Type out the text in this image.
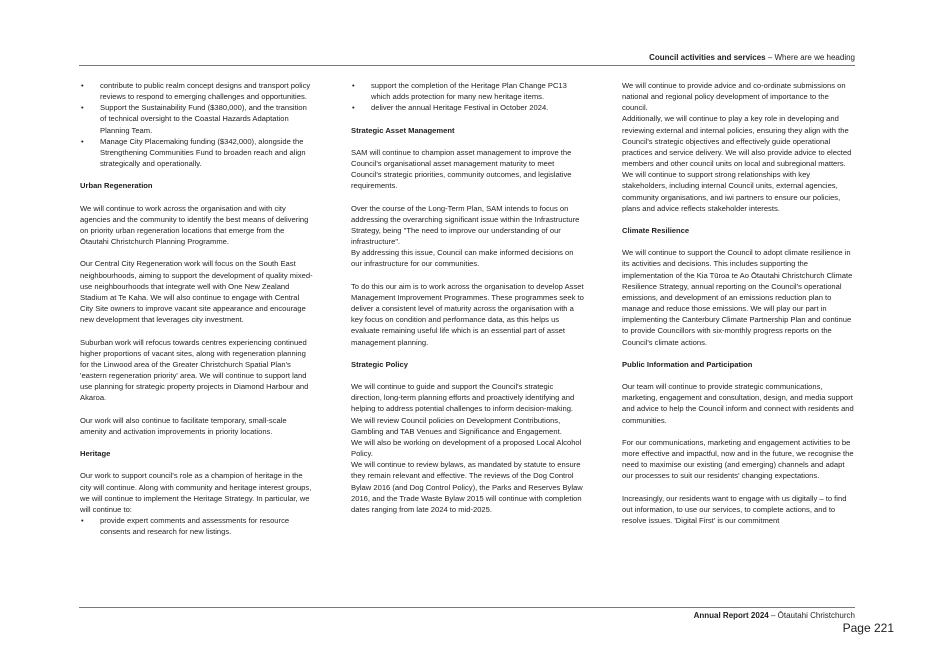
Council activities and services – Where are we heading
• contribute to public realm concept designs and transport policy reviews to respond to emerging challenges and opportunities.
• Support the Sustainability Fund ($380,000), and the transition of technical oversight to the Coastal Hazards Adaptation Planning Team.
• Manage City Placemaking funding ($342,000), alongside the Strengthening Communities Fund to broaden reach and align strategically and operationally.

Urban Regeneration

We will continue to work across the organisation and with city agencies and the community to identify the best means of delivering on priority urban regeneration locations that emerge from the Ōtautahi Christchurch Planning Programme.

Our Central City Regeneration work will focus on the South East neighbourhoods, aiming to support the development of quality mixed-use neighbourhoods that integrate well with One New Zealand Stadium at Te Kaha. We will also continue to engage with Central City Site owners to improve vacant site appearance and encourage new development that leverages city investment.

Suburban work will refocus towards centres experiencing continued higher proportions of vacant sites, along with regeneration planning for the Linwood area of the Greater Christchurch Spatial Plan's 'eastern regeneration priority' area. We will continue to support land use planning for strategic property projects in Diamond Harbour and Akaroa.

Our work will also continue to facilitate temporary, small-scale amenity and activation improvements in priority locations.

Heritage

Our work to support council's role as a champion of heritage in the city will continue. Along with community and heritage interest groups, we will continue to implement the Heritage Strategy. In particular, we will continue to:

• provide expert comments and assessments for resource consents and research for new listings.
• support the completion of the Heritage Plan Change PC13 which adds protection for many new heritage items.
• deliver the annual Heritage Festival in October 2024.

Strategic Asset Management

SAM will continue to champion asset management to improve the Council's organisational asset management maturity to meet Council's strategic priorities, community outcomes, and legislative requirements.

Over the course of the Long-Term Plan, SAM intends to focus on addressing the overarching significant issue within the Infrastructure Strategy, being "The need to improve our understanding of our infrastructure".

By addressing this issue, Council can make informed decisions on our infrastructure for our communities.

To do this our aim is to work across the organisation to develop Asset Management Improvement Programmes. These programmes seek to deliver a consistent level of maturity across the organisation with a key focus on condition and performance data, as this helps us evaluate remaining useful life which is an essential part of asset management planning.

Strategic Policy

We will continue to guide and support the Council's strategic direction, long-term planning efforts and proactively identifying and helping to address potential challenges to inform decision-making.

We will review Council policies on Development Contributions, Gambling and TAB Venues and Significance and Engagement.

We will also be working on development of a proposed Local Alcohol Policy.

We will continue to review bylaws, as mandated by statute to ensure they remain relevant and effective. The reviews of the Dog Control Bylaw 2016 (and Dog Control Policy), the Parks and Reserves Bylaw 2016, and the Trade Waste Bylaw 2015 will continue with completion dates ranging from late 2024 to mid-2025.

We will continue to provide advice and co-ordinate submissions on national and regional policy development of importance to the council.

Additionally, we will continue to play a key role in developing and reviewing external and internal policies, ensuring they align with the Council's strategic objectives and effectively guide operational practices and service delivery. We will also provide advice to elected members and other council units on local and subregional matters.

We will continue to support strong relationships with key stakeholders, including internal Council units, external agencies, community organisations, and iwi partners to ensure our policies, plans and advice reflects stakeholder interests.

Climate Resilience

We will continue to support the Council to adopt climate resilience in its activities and decisions. This includes supporting the implementation of the Kia Tūroa te Ao Ōtautahi Christchurch Climate Resilience Strategy, annual reporting on the Council's operational emissions, and development of an emissions reduction plan to manage and reduce those emissions. We will play our part in implementing the Canterbury Climate Partnership Plan and continue to provide Councillors with six-monthly progress reports on the Council's climate actions.

Public Information and Participation

Our team will continue to provide strategic communications, marketing, engagement and consultation, design, and media support and advice to help the Council inform and connect with residents and communities.

For our communications, marketing and engagement activities to be more effective and impactful, now and in the future, we recognise the need to maximise our existing (and emerging) channels and adapt our processes to suit our residents' changing expectations.

Increasingly, our residents want to engage with us digitally – to find out information, to use our services, to complete actions, and to resolve issues. 'Digital First' is our commitment

Annual Report 2024 – Ōtautahi Christchurch
Page 221
